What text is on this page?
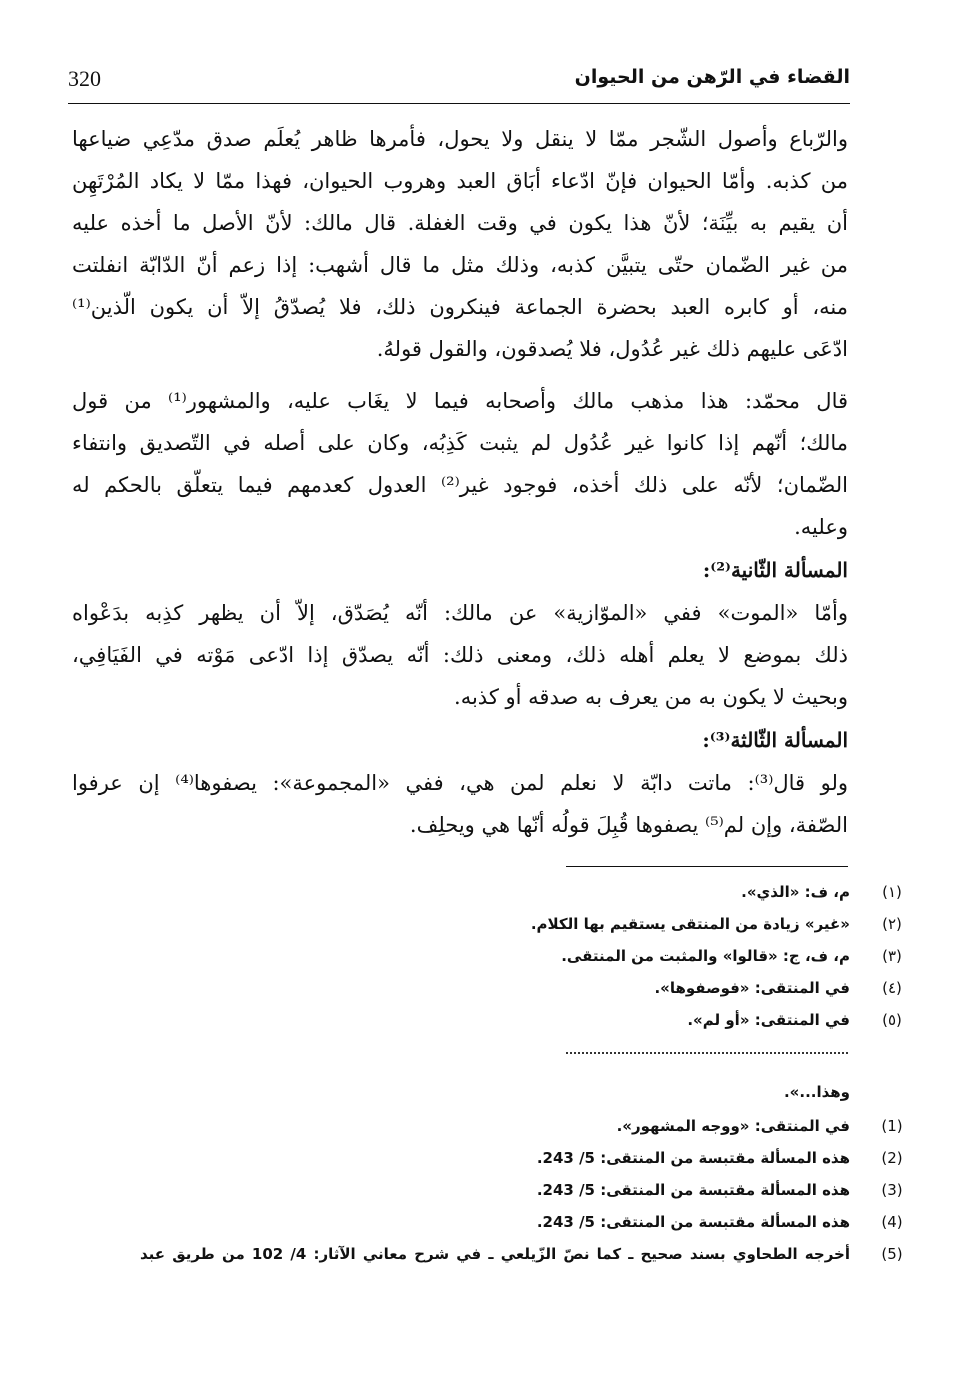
القضاء في الرّهن من الحيوان
320
والرّباع وأصول الشّجر ممّا لا ينقل ولا يحول، فأمرها ظاهر يُعلَم صدق مدّعِي ضياعها
من كذبه. وأمّا الحيوان فإنّ ادّعاء أبَاق العبد وهروب الحيوان، فهذا ممّا لا يكاد المُرْتَهِن
أن يقيم به بيِّنَة؛ لأنّ هذا يكون في وقت الغفلة. قال مالك: لأنّ الأصل ما أخذه عليه
من غير الضّمان حتّى يتبيَّن كذبه، وذلك مثل ما قال أشهب: إذا زعم أنّ الدّابّة انفلتت
منه، أو كابره العبد بحضرة الجماعة فينكرون ذلك، فلا يُصدّقُ إلاّ أن يكون الّذين⁽¹⁾
ادّعَى عليهم ذلك غير عُدُول، فلا يُصدقون، والقول قولهُ.
قال محمّد: هذا مذهب مالك وأصحابه فيما لا يغَاب عليه، والمشهور⁽¹⁾ من قول
مالك؛ أنّهم إذا كانوا غير عُدُول لم يثبت كَذِبُه، وكان على أصله في التّصديق وانتفاء
الضّمان؛ لأنّه على ذلك أخذه، فوجود غير⁽²⁾ العدول كعدمهم فيما يتعلّق بالحكم له
وعليه.
المسألة الثّانية⁽²⁾:
وأمّا «الموت» ففي «الموّازية» عن مالك: أنّه يُصَدّق، إلاّ أن يظهر كذِبه بدَعْواه
ذلك بموضع لا يعلم أهله ذلك، ومعنى ذلك: أنّه يصدّق إذا ادّعى مَوْته في الفَيَافِي،
وبحيث لا يكون به من يعرف به صدقه أو كذبه.
المسألة الثّالثة⁽³⁾:
ولو قال⁽³⁾: ماتت دابّة لا نعلم لمن هي، ففي «المجموعة»: يصفوها⁽⁴⁾ إن عرفوا
الصّفة، وإن لم⁽⁵⁾ يصفوها قُبِلَ قولُه أنّها هي ويحلِف.
(١)
م، ف: «الذي».
(٢)
«غير» زيادة من المنتقى يستقيم بها الكلام.
(٣)
م، ف، ج: «قالوا» والمثبت من المنتقى.
(٤)
في المنتقى: «فوصفوها».
(٥)
في المنتقى: «أو لم».
وهذا...».
(1)
في المنتقى: «ووجه المشهور».
(2)
هذه المسألة مقتبسة من المنتقى: 5/ 243.
(3)
هذه المسألة مقتبسة من المنتقى: 5/ 243.
(4)
هذه المسألة مقتبسة من المنتقى: 5/ 243.
(5)
أخرجه الطحاوي بسند صحيح ـ كما نصّ الزّيلعي ـ في شرح معاني الآثار: 4/ 102 من طريق عبد
